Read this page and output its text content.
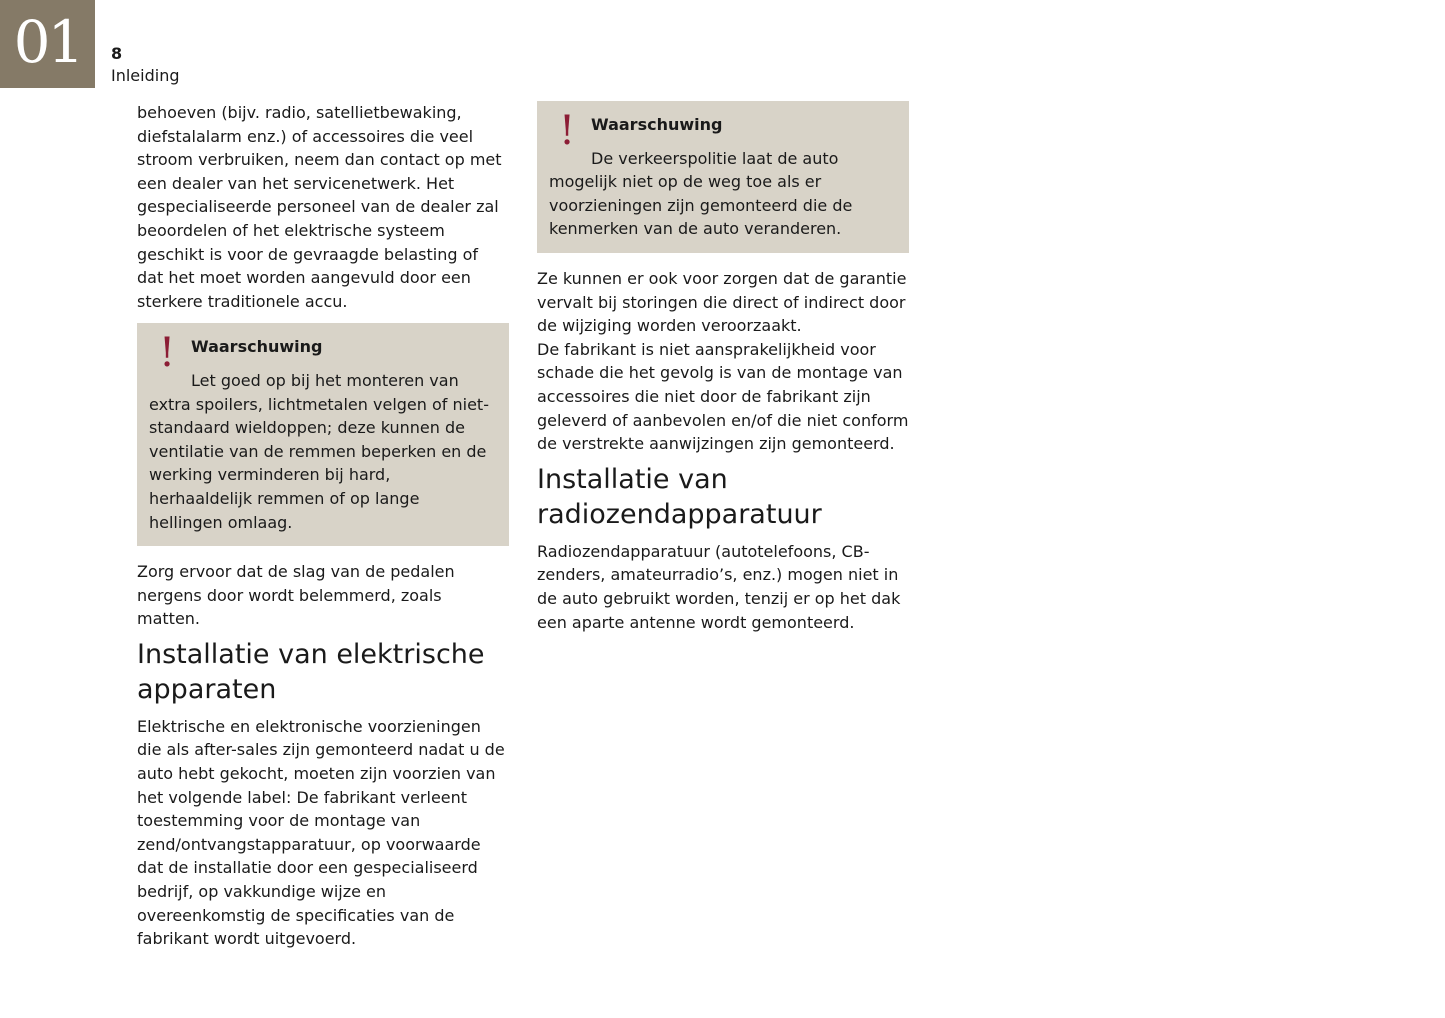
01 8
Inleiding

behoeven (bijv. radio, satellietbewaking, diefstalalarm enz.) of accessoires die veel stroom verbruiken, neem dan contact op met een dealer van het servicenetwerk. Het gespecialiseerde personeel van de dealer zal beoordelen of het elektrische systeem geschikt is voor de gevraagde belasting of dat het moet worden aangevuld door een sterkere traditionele accu.

! Waarschuwing

Let goed op bij het monteren van extra spoilers, lichtmetalen velgen of niet-standaard wieldoppen; deze kunnen de ventilatie van de remmen beperken en de werking verminderen bij hard, herhaaldelijk remmen of op lange hellingen omlaag.

Zorg ervoor dat de slag van de pedalen nergens door wordt belemmerd, zoals matten.

Installatie van elektrische apparaten

Elektrische en elektronische voorzieningen die als after-sales zijn gemonteerd nadat u de auto hebt gekocht, moeten zijn voorzien van het volgende label: De fabrikant verleent toestemming voor de montage van zend/ontvangstapparatuur, op voorwaarde dat de installatie door een gespecialiseerd bedrijf, op vakkundige wijze en overeenkomstig de specificaties van de fabrikant wordt uitgevoerd.

! Waarschuwing

De verkeerspolitie laat de auto mogelijk niet op de weg toe als er voorzieningen zijn gemonteerd die de kenmerken van de auto veranderen.

Ze kunnen er ook voor zorgen dat de garantie vervalt bij storingen die direct of indirect door de wijziging worden veroorzaakt.

De fabrikant is niet aansprakelijkheid voor schade die het gevolg is van de montage van accessoires die niet door de fabrikant zijn geleverd of aanbevolen en/of die niet conform de verstrekte aanwijzingen zijn gemonteerd.

Installatie van radiozendapparatuur

Radiozendapparatuur (autotelefoons, CB-zenders, amateurradio’s, enz.) mogen niet in de auto gebruikt worden, tenzij er op het dak een aparte antenne wordt gemonteerd.
